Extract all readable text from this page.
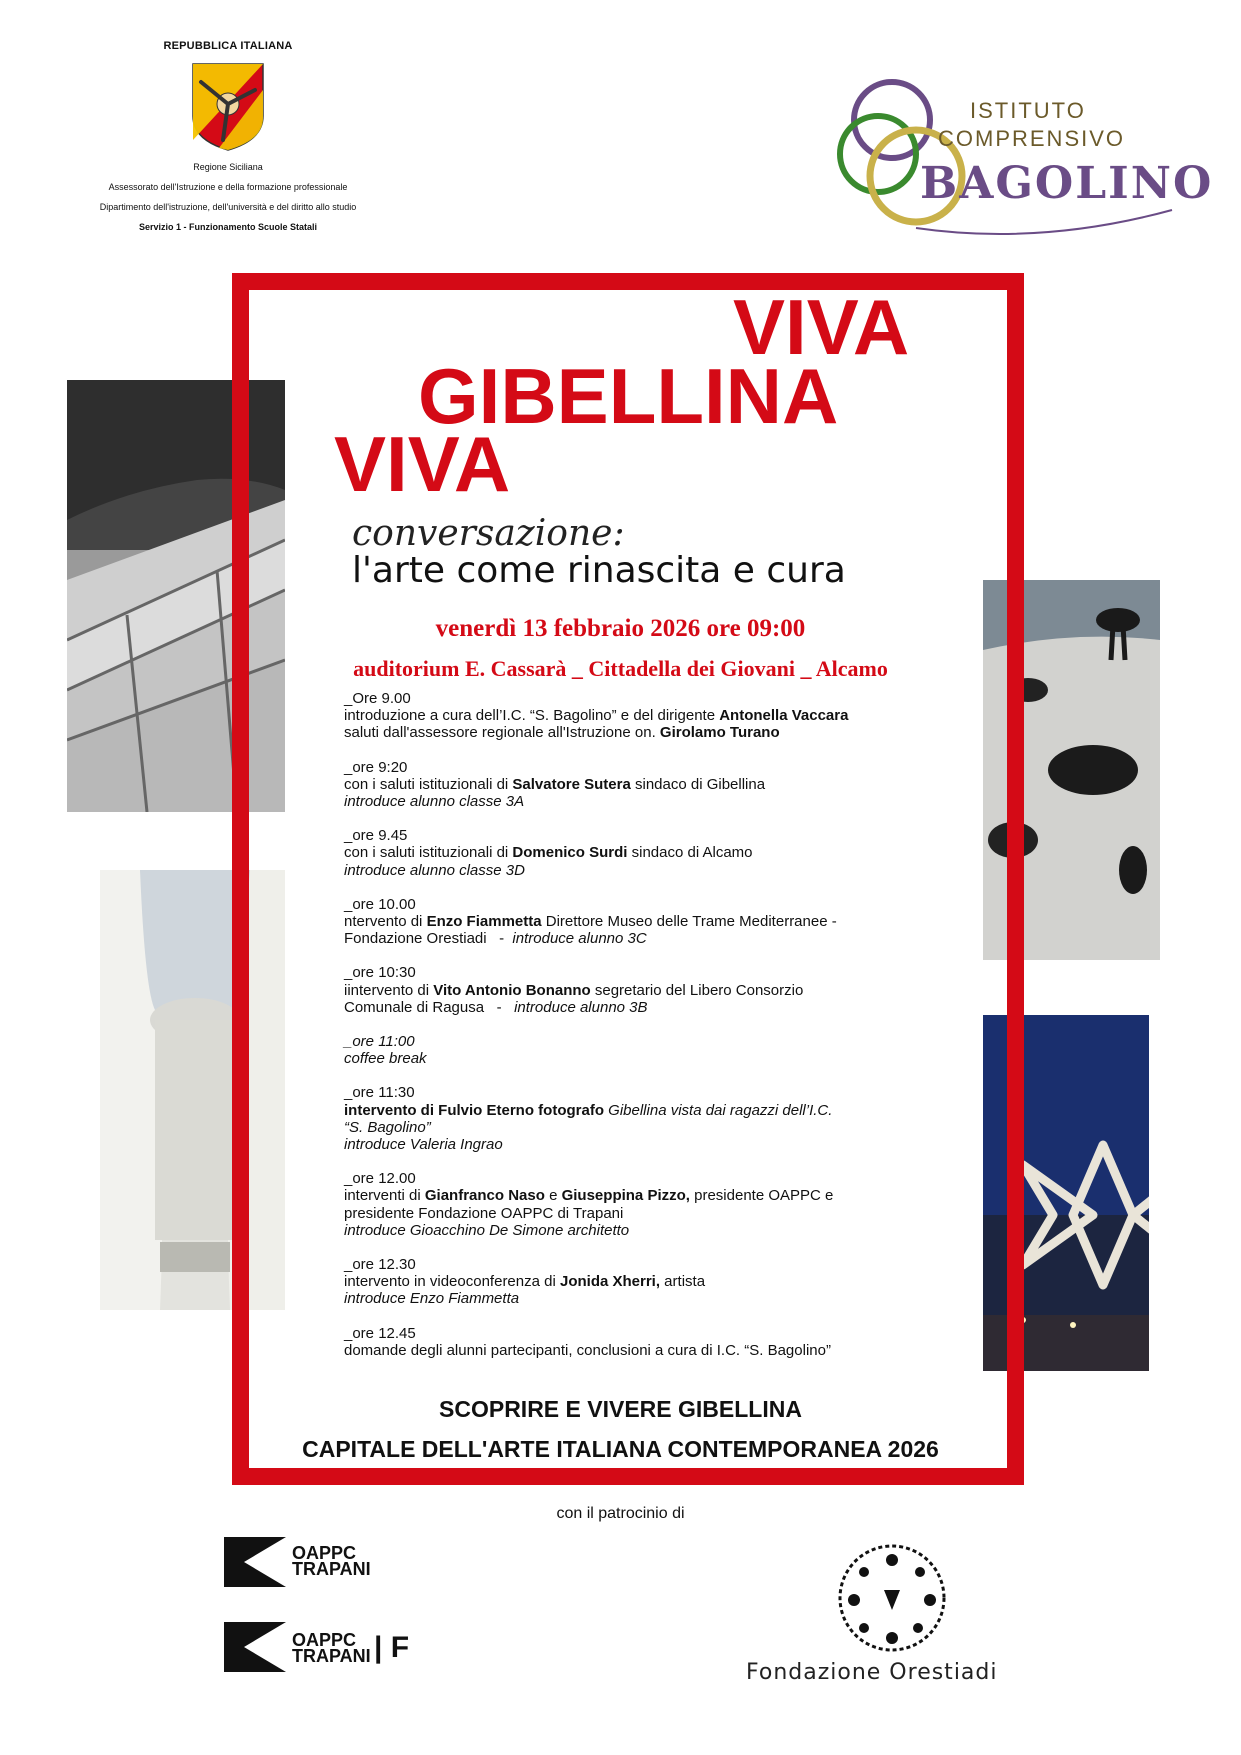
REPUBBLICA ITALIANA
Regione Siciliana
Assessorato dell'Istruzione e della formazione professionale
Dipartimento dell'istruzione, dell'università e del diritto allo studio
Servizio 1 - Funzionamento Scuole Statali
ISTITUTO
COMPRENSIVO
BAGOLINO
VIVA
GIBELLINA
VIVA
conversazione:
l'arte come rinascita e cura
venerdì 13 febbraio 2026 ore 09:00
auditorium E. Cassarà _ Cittadella dei Giovani _ Alcamo
_Ore 9.00
introduzione a cura dell’I.C. “S. Bagolino” e del dirigente Antonella Vaccara
saluti dall'assessore regionale all'Istruzione on. Girolamo Turano
_ore 9:20
con i saluti istituzionali di Salvatore Sutera sindaco di Gibellina
introduce alunno classe 3A
_ore 9.45
con i saluti istituzionali di Domenico Surdi sindaco di Alcamo
introduce alunno classe 3D
_ore 10.00
ntervento di Enzo Fiammetta Direttore Museo delle Trame Mediterranee -
Fondazione Orestiadi   -  introduce alunno 3C
_ore 10:30
iintervento di Vito Antonio Bonanno segretario del Libero Consorzio
Comunale di Ragusa   -   introduce alunno 3B
_ore 11:00
coffee break
_ore 11:30
intervento di Fulvio Eterno fotografo Gibellina vista dai ragazzi dell’I.C.
“S. Bagolino”
introduce Valeria Ingrao
_ore 12.00
interventi di Gianfranco Naso e Giuseppina Pizzo, presidente OAPPC e
presidente Fondazione OAPPC di Trapani
introduce Gioacchino De Simone architetto
_ore 12.30
intervento in videoconferenza di Jonida Xherri, artista
introduce Enzo Fiammetta
_ore 12.45
domande degli alunni partecipanti, conclusioni a cura di I.C. “S. Bagolino”
SCOPRIRE E VIVERE GIBELLINA
CAPITALE DELL'ARTE ITALIANA CONTEMPORANEA 2026
con il patrocinio di
OAPPC
TRAPANI
OAPPC
TRAPANI | F
Fondazione Orestiadi
